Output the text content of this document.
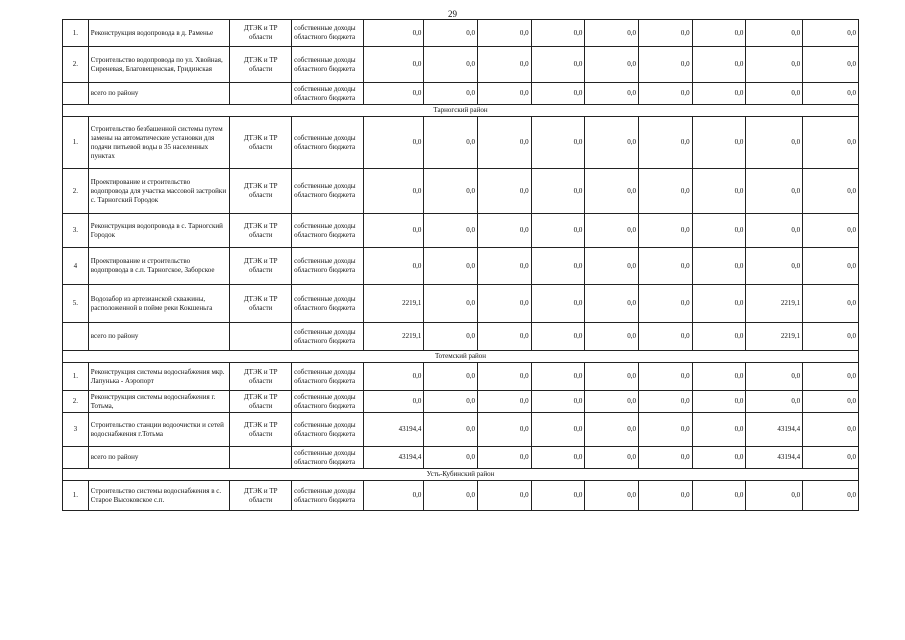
29
1.	Реконструкция водопровода в д. Раменье	ДТЭК и ТР области	собственные доходы областного бюджета	0,0	0,0	0,0	0,0	0,0	0,0	0,0	0,0	0,0
2.	Строительство водопровода по ул. Хвойная, Сиреневая, Благовещенская, Гридинская	ДТЭК и ТР области	собственные доходы областного бюджета	0,0	0,0	0,0	0,0	0,0	0,0	0,0	0,0	0,0
	всего по району		собственные доходы областного бюджета	0,0	0,0	0,0	0,0	0,0	0,0	0,0	0,0	0,0
Тарногский район												
1.	Строительство безбашенной системы путем замены на автоматические установки для подачи питьевой воды в 35 населенных пунктах	ДТЭК и ТР области	собственные доходы областного бюджета	0,0	0,0	0,0	0,0	0,0	0,0	0,0	0,0	0,0
2.	Проектирование и строительство водопровода для участка массовой застройки с. Тарногский Городок	ДТЭК и ТР области	собственные доходы областного бюджета	0,0	0,0	0,0	0,0	0,0	0,0	0,0	0,0	0,0
3.	Реконструкция водопровода в с. Тарногский Городок	ДТЭК и ТР области	собственные доходы областного бюджета	0,0	0,0	0,0	0,0	0,0	0,0	0,0	0,0	0,0
4	Проектирование и строительство водопровода в с.п. Тарногское, Заборское	ДТЭК и ТР области	собственные доходы областного бюджета	0,0	0,0	0,0	0,0	0,0	0,0	0,0	0,0	0,0
5.	Водозабор из артезианской скважины, расположенной в пойме реки Кокшеньга	ДТЭК и ТР области	собственные доходы областного бюджета	2219,1	0,0	0,0	0,0	0,0	0,0	0,0	2219,1	0,0
	всего по району		собственные доходы областного бюджета	2219,1	0,0	0,0	0,0	0,0	0,0	0,0	2219,1	0,0
Тотемский район												
1.	Реконструкция системы водоснабжения мкр. Лапунька - Аэропорт	ДТЭК и ТР области	собственные доходы областного бюджета	0,0	0,0	0,0	0,0	0,0	0,0	0,0	0,0	0,0
2.	Реконструкция системы водоснабжения г. Тотьма,	ДТЭК и ТР области	собственные доходы областного бюджета	0,0	0,0	0,0	0,0	0,0	0,0	0,0	0,0	0,0
3	Строительство станции водоочистки и сетей водоснабжения г.Тотьма	ДТЭК и ТР области	собственные доходы областного бюджета	43194,4	0,0	0,0	0,0	0,0	0,0	0,0	43194,4	0,0
	всего по району		собственные доходы областного бюджета	43194,4	0,0	0,0	0,0	0,0	0,0	0,0	43194,4	0,0
Усть-Кубинский район												
1.	Строительство системы водоснабжения в с. Старое Высоковское с.п.	ДТЭК и ТР области	собственные доходы областного бюджета	0,0	0,0	0,0	0,0	0,0	0,0	0,0	0,0	0,0
